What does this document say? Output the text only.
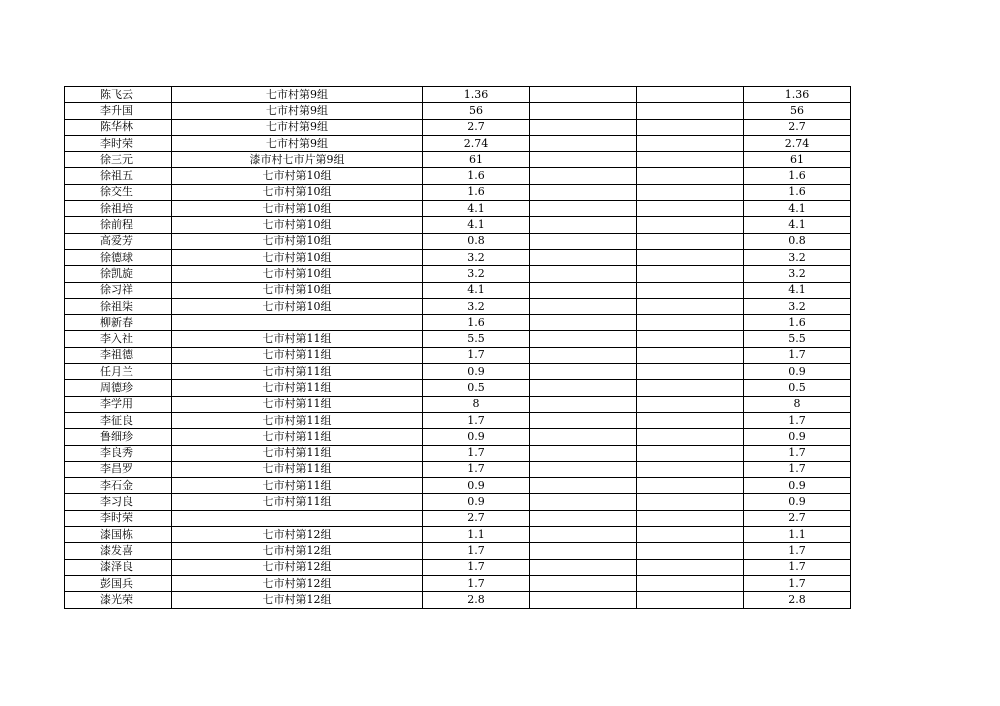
陈飞云	七市村第9组	1.36			1.36
李升国	七市村第9组	56			56
陈华林	七市村第9组	2.7			2.7
李时荣	七市村第9组	2.74			2.74
徐三元	漆市村七市片第9组	61			61
徐祖五	七市村第10组	1.6			1.6
徐交生	七市村第10组	1.6			1.6
徐祖培	七市村第10组	4.1			4.1
徐前程	七市村第10组	4.1			4.1
高爱芳	七市村第10组	0.8			0.8
徐德球	七市村第10组	3.2			3.2
徐凯旋	七市村第10组	3.2			3.2
徐习祥	七市村第10组	4.1			4.1
徐祖柒	七市村第10组	3.2			3.2
柳新春		1.6			1.6
李入社	七市村第11组	5.5			5.5
李祖德	七市村第11组	1.7			1.7
任月兰	七市村第11组	0.9			0.9
周德珍	七市村第11组	0.5			0.5
李学用	七市村第11组	8			8
李征良	七市村第11组	1.7			1.7
鲁细珍	七市村第11组	0.9			0.9
李良秀	七市村第11组	1.7			1.7
李昌罗	七市村第11组	1.7			1.7
李石金	七市村第11组	0.9			0.9
李习良	七市村第11组	0.9			0.9
李时荣		2.7			2.7
漆国栋	七市村第12组	1.1			1.1
漆发喜	七市村第12组	1.7			1.7
漆泽良	七市村第12组	1.7			1.7
彭国兵	七市村第12组	1.7			1.7
漆光荣	七市村第12组	2.8			2.8
